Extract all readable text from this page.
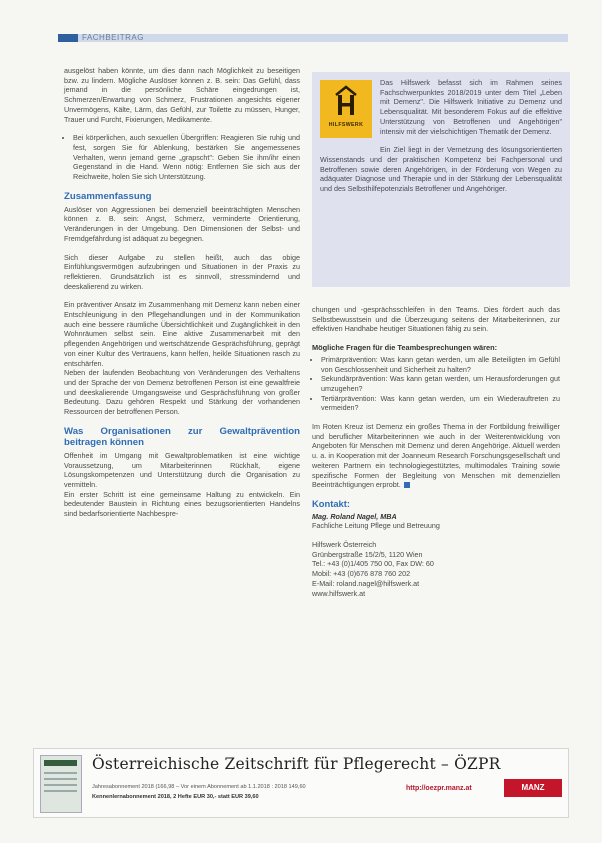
FACHBEITRAG

ausgelöst haben könnte, um dies dann nach Möglichkeit zu beseitigen bzw. zu lindern. Mögliche Auslöser können z. B. sein: Das Gefühl, dass jemand in die persönliche Schäre eingedrungen ist, Schmerzen/Erwartung von Schmerz, Frustrationen angesichts eigener Unvermögens, Kälte, Lärm, das Gefühl, zur Toilette zu müssen, Hunger, Trauer und Furcht, Fixierungen, Medikamente.

• Bei körperlichen, auch sexuellen Übergriffen: Reagieren Sie ruhig und fest, sorgen Sie für Ablenkung, bestärken Sie angemessenes Verhalten, wenn jemand gerne „grapscht": Geben Sie ihm/ihr einen Gegenstand in die Hand. Wenn nötig: Entfernen Sie sich aus der Reichweite, holen Sie sich Unterstützung.
Zusammenfassung

Auslöser von Aggressionen bei demenziell beeinträchtigten Menschen können z. B. sein: Angst, Schmerz, verminderte Orientierung, Veränderungen in der Umgebung. Den Dimensionen der Selbst- und Fremdgefährdung ist adäquat zu begegnen.

Sich dieser Aufgabe zu stellen heißt, auch das obige Einfühlungsvermögen aufzubringen und Situationen in der Praxis zu reflektieren. Grundsätzlich ist es sinnvoll, stressmindernd und deeskalierend zu wirken.

Ein präventiver Ansatz im Zusammenhang mit Demenz kann neben einer Entschleunigung in den Pflegehandlungen und in der Kommunikation auch eine bessere räumliche Übersichtlichkeit und Zugänglichkeit in den Wohnräumen selbst sein. Eine aktive Zusammenarbeit mit den pflegenden Angehörigen und wertschätzende Gesprächsführung, geprägt von einer Kultur des Vertrauens, kann helfen, heikle Situationen rasch zu entschärfen.

Neben der laufenden Beobachtung von Veränderungen des Verhaltens und der Sprache der von Demenz betroffenen Person ist eine gewaltfreie und deeskalierende Umgangsweise und Gesprächsführung von großer Bedeutung. Dazu gehören Respekt und Stärkung der vorhandenen Ressourcen der betroffenen Person.

Was Organisationen zur Gewaltprävention beitragen können

Offenheit im Umgang mit Gewaltproblematiken ist eine wichtige Voraussetzung, um Mitarbeiterinnen Rückhalt, eigene Lösungskompetenzen und Unterstützung durch die Organisation zu vermitteln.

Ein erster Schritt ist eine gemeinsame Haltung zu entwickeln. Ein bedeutender Baustein in Richtung eines bezugsorientierten Handelns sind bedarfsorientierte Nachbespre-

HILFSWERK

Das Hilfswerk befasst sich im Rahmen seines Fachschwerpunktes 2018/2019 unter dem Titel „Leben mit Demenz". Die Hilfswerk Initiative zu Demenz und Lebensqualität. Mit besonderem Fokus auf die effektive Unterstützung von Betroffenen und Angehörigen" intensiv mit der vielschichtigen Thematik der Demenz.

Ein Ziel liegt in der Vernetzung des lösungsorientierten Wissenstands und der praktischen Kompetenz bei Fachpersonal und Betroffenen sowie deren Angehörigen, in der Förderung von Wegen zu adäquater Diagnose und Therapie und in der Stärkung der Lebensqualität und des Selbsthilfepotenzials Betroffener und Angehöriger.

chungen und -gesprächsschleifen in den Teams. Dies fördert auch das Selbstbewusstsein und die Überzeugung seitens der Mitarbeiterinnen, zur effektiven Handhabe heutiger Situationen fähig zu sein.

Mögliche Fragen für die Teambesprechungen wären:
• Primärprävention: Was kann getan werden, um alle Beteiligten im Gefühl von Geschlossenheit und Sicherheit zu halten?
• Sekundärprävention: Was kann getan werden, um Herausforderungen gut umzugehen?
• Tertiärprävention: Was kann getan werden, um ein Wiederauftreten zu vermeiden?

Im Roten Kreuz ist Demenz ein großes Thema in der Fortbildung freiwilliger und beruflicher Mitarbeiterinnen wie auch in der Weiterentwicklung von Angeboten für Menschen mit Demenz und deren Angehörige. Aktuell werden u. a. in Kooperation mit der Joanneum Research Forschungsgesellschaft und weiteren Partnern ein technologiegestütztes, multimodales Training sowie spezifische Formen der Begleitung von Menschen mit demenziellen Beeinträchtigungen erprobt.

Kontakt:
Mag. Roland Nagel, MBA
Fachliche Leitung Pflege und Betreuung
Hilfswerk Österreich
Grünbergstraße 15/2/5, 1120 Wien
Tel.: +43 (0)1/405 750 00, Fax DW: 60
Mobil: +43 (0)676 878 760 202
E-Mail: roland.nagel@hilfswerk.at
www.hilfswerk.at
Österreichische Zeitschrift für Pflegerecht – ÖZPR
Jahresabonnement 2018 (166,98 – Vor einem Abonnement ab 1.1.2018 : 2018 149,60
Kennenlernabonnement 2018, 2 Hefte EUR 30,- statt EUR 39,60
http://oezpr.manz.at	MANZ
